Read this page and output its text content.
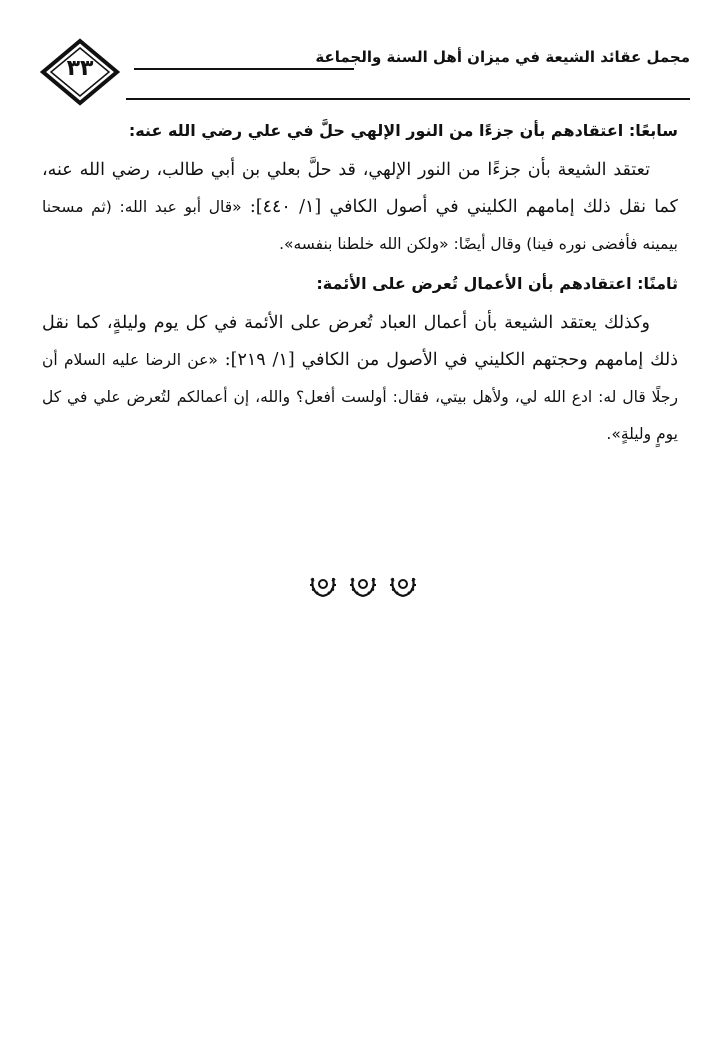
٣٣	مجمل عقائد الشيعة في ميزان أهل السنة والجماعة
سابعًا: اعتقادهم بأن جزءًا من النور الإلهي حلَّ في علي رضي الله عنه:

تعتقد الشيعة بأن جزءًا من النور الإلهي، قد حلَّ بعلي بن أبي طالب، رضي الله عنه، كما نقل ذلك إمامهم الكليني في أصول الكافي [١/ ٤٤٠]: «قال أبو عبد الله: (ثم مسحنا بيمينه فأفضى نوره فينا) وقال أيضًا: «ولكن الله خلطنا بنفسه».

ثامنًا: اعتقادهم بأن الأعمال تُعرض على الأئمة:

وكذلك يعتقد الشيعة بأن أعمال العباد تُعرض على الأئمة في كل يوم وليلةٍ، كما نقل ذلك إمامهم وحجتهم الكليني في الأصول من الكافي [١/ ٢١٩]: «عن الرضا عليه السلام أن رجلًا قال له: ادع الله لي، ولأهل بيتي، فقال: أولست أفعل؟ والله، إن أعمالكم لتُعرض علي في كل يومٍ وليلةٍ».
